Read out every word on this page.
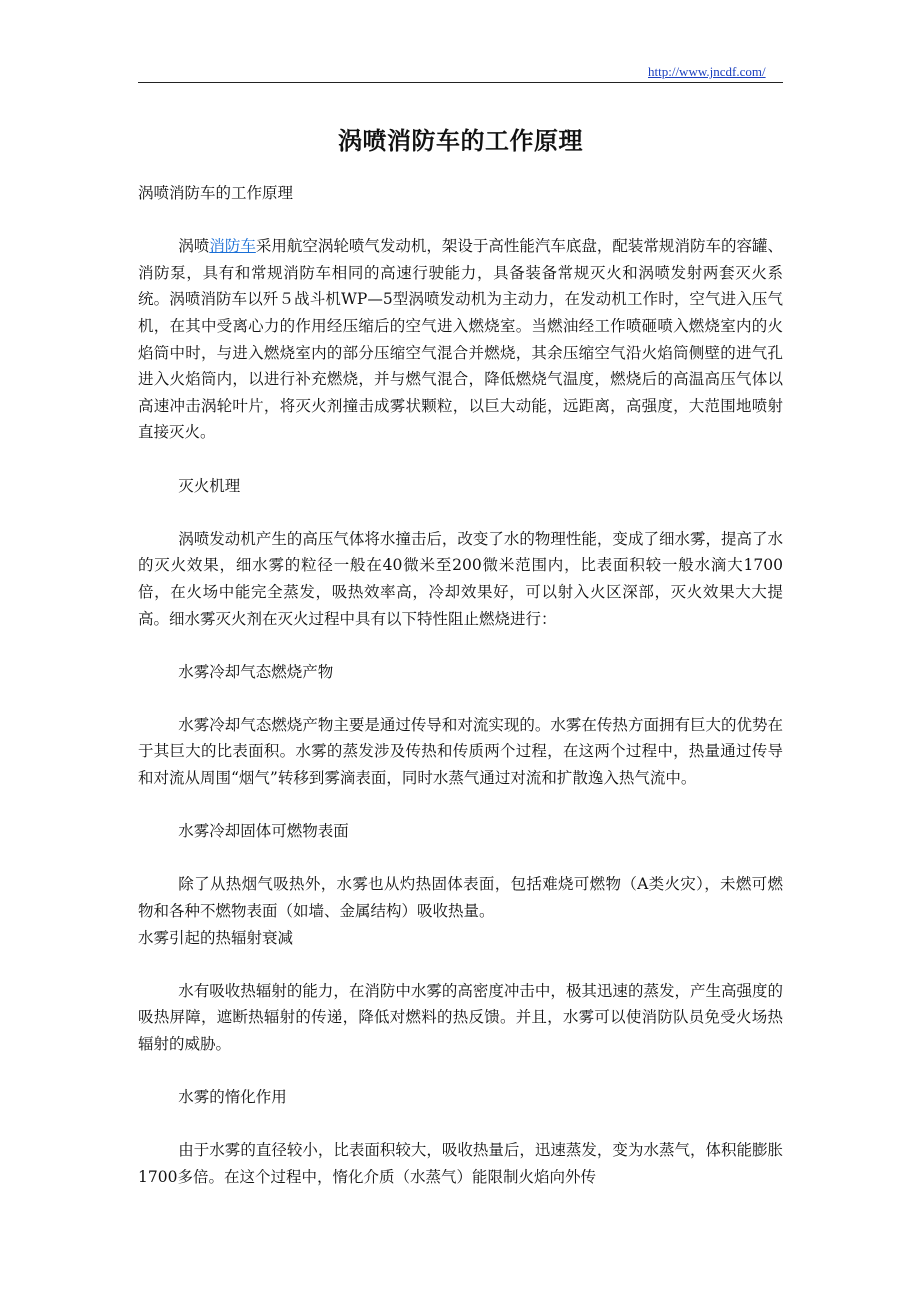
http://www.jncdf.com/
涡喷消防车的工作原理

涡喷消防车的工作原理

涡喷消防车采用航空涡轮喷气发动机，架设于高性能汽车底盘，配装常规消防车的容罐、消防泵，具有和常规消防车相同的高速行驶能力，具备装备常规灭火和涡喷发射两套灭火系统。涡喷消防车以歼５战斗机WP—5型涡喷发动机为主动力，在发动机工作时，空气进入压气机，在其中受离心力的作用经压缩后的空气进入燃烧室。当燃油经工作喷砸喷入燃烧室内的火焰筒中时，与进入燃烧室内的部分压缩空气混合并燃烧，其余压缩空气沿火焰筒侧壁的进气孔进入火焰筒内，以进行补充燃烧，并与燃气混合，降低燃烧气温度，燃烧后的高温高压气体以高速冲击涡轮叶片，将灭火剂撞击成雾状颗粒，以巨大动能，远距离，高强度，大范围地喷射直接灭火。

灭火机理

涡喷发动机产生的高压气体将水撞击后，改变了水的物理性能，变成了细水雾，提高了水的灭火效果，细水雾的粒径一般在40微米至200微米范围内，比表面积较一般水滴大1700倍，在火场中能完全蒸发，吸热效率高，冷却效果好，可以射入火区深部，灭火效果大大提高。细水雾灭火剂在灭火过程中具有以下特性阻止燃烧进行：

水雾冷却气态燃烧产物

水雾冷却气态燃烧产物主要是通过传导和对流实现的。水雾在传热方面拥有巨大的优势在于其巨大的比表面积。水雾的蒸发涉及传热和传质两个过程，在这两个过程中，热量通过传导和对流从周围“烟气”转移到雾滴表面，同时水蒸气通过对流和扩散逸入热气流中。

水雾冷却固体可燃物表面

除了从热烟气吸热外，水雾也从灼热固体表面，包括难烧可燃物（A类火灾），未燃可燃物和各种不燃物表面（如墙、金属结构）吸收热量。

水雾引起的热辐射衰减

水有吸收热辐射的能力，在消防中水雾的高密度冲击中，极其迅速的蒸发，产生高强度的吸热屏障，遮断热辐射的传递，降低对燃料的热反馈。并且，水雾可以使消防队员免受火场热辐射的威胁。

水雾的惰化作用

由于水雾的直径较小，比表面积较大，吸收热量后，迅速蒸发，变为水蒸气，体积能膨胀1700多倍。在这个过程中，惰化介质（水蒸气）能限制火焰向外传
